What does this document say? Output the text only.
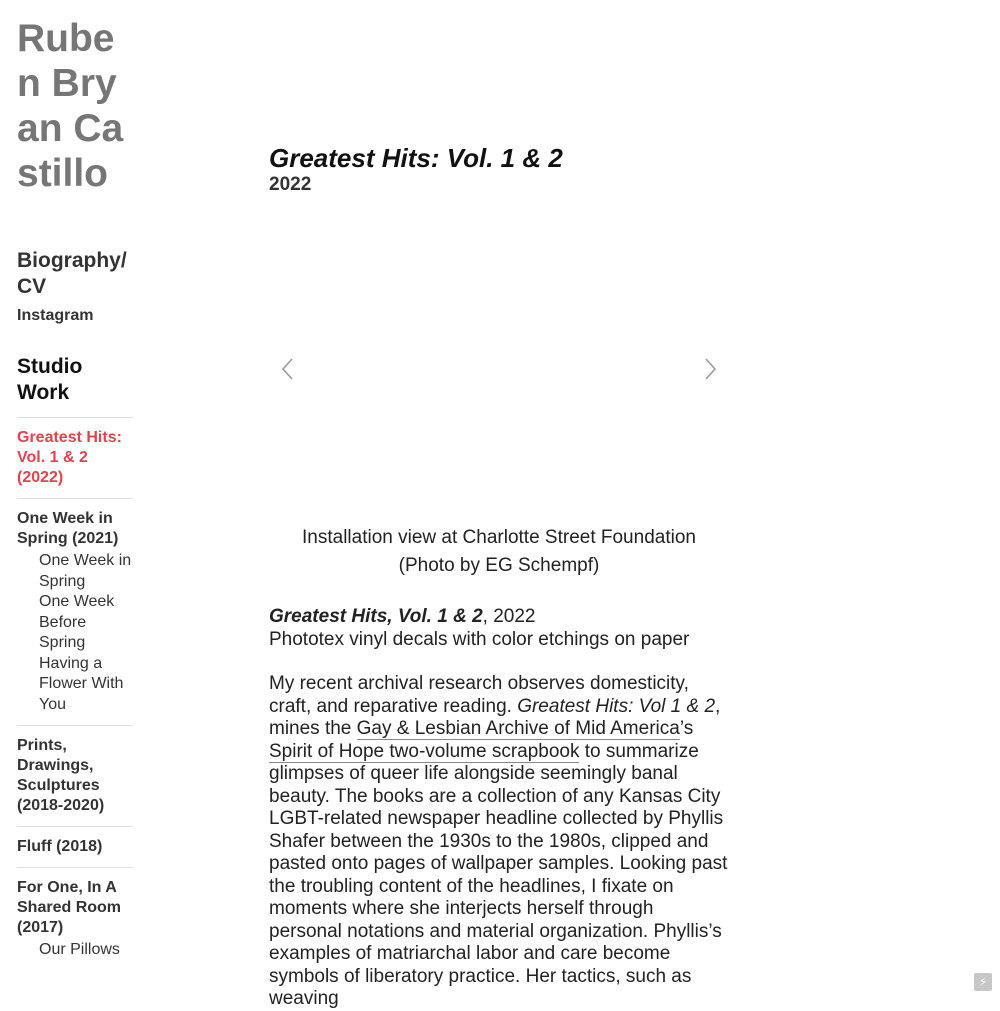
Ruben Bryan Castillo
Biography/CV
Instagram
Studio Work
Greatest Hits: Vol. 1 & 2 (2022)
One Week in Spring (2021)
One Week in Spring
One Week Before Spring
Having a Flower With You
Prints, Drawings, Sculptures (2018-2020)
Fluff (2018)
For One, In A Shared Room (2017)
Our Pillows
Greatest Hits: Vol. 1 & 2
2022
Installation view at Charlotte Street Foundation
(Photo by EG Schempf)

Greatest Hits, Vol. 1 & 2, 2022

Phototex vinyl decals with color etchings on paper

My recent archival research observes domesticity, craft, and reparative reading. Greatest Hits: Vol 1 & 2, mines the Gay & Lesbian Archive of Mid America’s Spirit of Hope two-volume scrapbook to summarize glimpses of queer life alongside seemingly banal beauty. The books are a collection of any Kansas City LGBT-related newspaper headline collected by Phyllis Shafer between the 1930s to the 1980s, clipped and pasted onto pages of wallpaper samples. Looking past the troubling content of the headlines, I fixate on moments where she interjects herself through personal notations and material organization. Phyllis’s examples of matriarchal labor and care become symbols of liberatory practice. Her tactics, such as weaving

⚡
